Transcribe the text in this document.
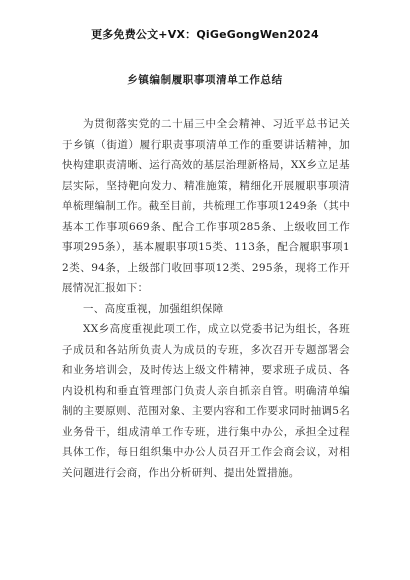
更多免费公文+VX：QiGeGongWen2024
乡镇编制履职事项清单工作总结

为贯彻落实党的二十届三中全会精神、习近平总书记关于乡镇（街道）履行职责事项清单工作的重要讲话精神，加快构建职责清晰、运行高效的基层治理新格局，XX乡立足基层实际，坚持靶向发力、精准施策，精细化开展履职事项清单梳理编制工作。截至目前，共梳理工作事项1249条（其中基本工作事项669条、配合工作事项285条、上级收回工作事项295条），基本履职事项15类、113条，配合履职事项12类、94条，上级部门收回事项12类、295条，现将工作开展情况汇报如下：

一、高度重视，加强组织保障

XX乡高度重视此项工作，成立以党委书记为组长，各班子成员和各站所负责人为成员的专班，多次召开专题部署会和业务培训会，及时传达上级文件精神，要求班子成员、各内设机构和垂直管理部门负责人亲自抓亲自管。明确清单编制的主要原则、范围对象、主要内容和工作要求同时抽调5名业务骨干，组成清单工作专班，进行集中办公，承担全过程具体工作，每日组织集中办公人员召开工作会商会议，对相关问题进行会商，作出分析研判、提出处置措施。
